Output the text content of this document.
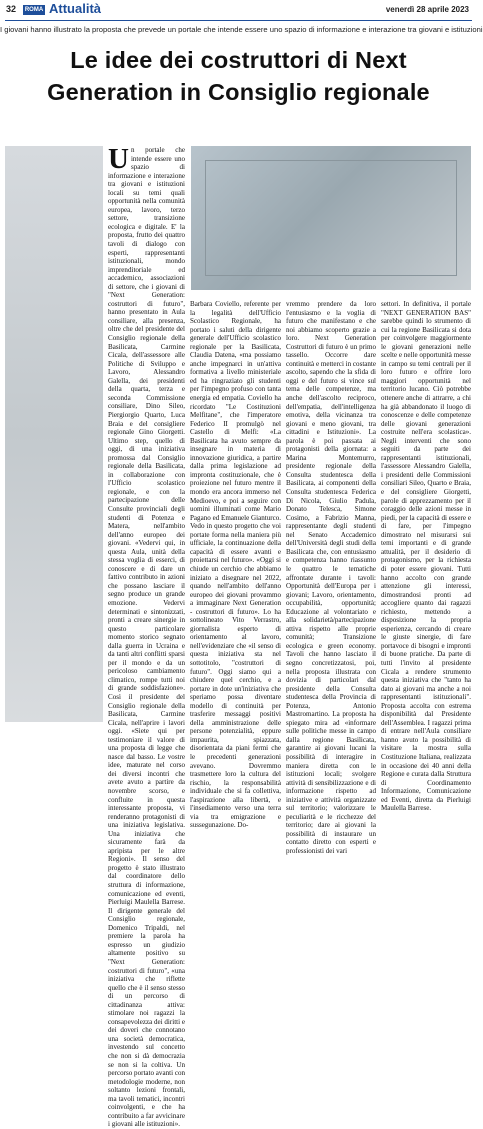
32	ROMA Attualità	venerdì 28 aprile 2023
I giovani hanno illustrato la proposta che prevede un portale che intende essere uno spazio di informazione e interazione tra giovani e istituzioni
Le idee dei costruttori di Next
Generation in Consiglio regionale
U n portale che intende essere uno spazio di informazione e interazione tra giovani e istituzioni locali su temi quali opportunità nella comunità europea, lavoro, terzo settore, transizione ecologica e digitale. E' la proposta, frutto dei quattro tavoli di dialogo con esperti, rappresentanti istituzionali, mondo imprenditoriale ed accademico, associazioni di settore, che i giovani di "Next Generation: costruttori di futuro", hanno presentato in Aula consiliare, alla presenza, oltre che del presidente del Consiglio regionale della Basilicata, Carmine Cicala, dell'assessore alle Politiche di Sviluppo e Lavoro, Alessandro Galella, dei presidenti della quarta, terza e seconda Commissione consiliare, Dino Sileo, Piergiorgio Quarto, Luca Braia e del consigliere regionale Gino Giorgetti. Ultimo step, quello di oggi, di una iniziativa promossa dal Consiglio regionale della Basilicata, in collaborazione con l'Ufficio scolastico regionale, e con la partecipazione delle Consulte provinciali degli studenti di Potenza e Matera, nell'ambito dell'anno europeo dei giovani. «Vedervi qui, in questa Aula, unità della stessa voglia di esserci, di conoscere e di dare un fattivo contributo in azioni che possano lasciare il segno produce un grande emozione. Vedervi determinati e sintonizzati, pronti a creare sinergie in questo particolare momento storico segnato dalla guerra in Ucraina e da tanti altri conflitti sparsi per il mondo e da un pericoloso cambiamento climatico, rompe tutti noi di grande soddisfazione». Così il presidente del Consiglio regionale della Basilicata, Carmine Cicala, nell'aprire i lavori oggi. «Siete qui per testimoniare il valore di una proposta di legge che nasce dal basso. Le vostre idee, maturate nel corso dei diversi incontri che avete avuto a partire da novembre scorso, e confluite in questa interessante proposta, vi renderanno protagonisti di una iniziativa legislativa. Una iniziativa che sicuramente farà da apripista per le altre Regioni». Il senso del progetto è stato illustrato dal coordinatore dello struttura di informazione, comunicazione ed eventi, Pierluigi Maulella Barrese. Il dirigente generale del Consiglio regionale, Domenico Tripaldi, nel premiere la parola ha espresso un giudizio altamente positivo su "Next Generation: costruttori di futuro", «una iniziativa che riflette quello che è il senso stesso di un percorso di cittadinanza attiva: stimolare noi ragazzi la consapevolezza dei diritti e dei doveri che connotano una società democratica, investendo sul concetto che non si dà democrazia se non si la coltiva. Un percorso portato avanti con metodologie moderne, non soltanto lezioni frontali, ma tavoli tematici, incontri coinvolgenti, e che ha contribuito a far avvicinare i giovani alle istituzioni».

Barbara Coviello, referente per la legalità dell'Ufficio Scolastico Regionale, ha portato i saluti della dirigente generale dell'Ufficio scolastico regionale per la Basilicata, Claudia Datena, «ma possiamo anche impegnarci in un'attiva formativa a livello ministeriale ed ha ringraziato gli studenti per l'impegno profuso con tanta energia ed empatia. Coviello ha ricordato "Le Costituzioni Melfitane", che l'imperatore Federico II promulgò nel Castello di Melfi: «La Basilicata ha avuto sempre da insegnare in materia di innovazione giuridica, a partire dalla prima legislazione ad impronta costituzionale, che è proiezione nel futuro mentre il mondo era ancora immerso nel Medioevo, e poi a seguire con uomini illuminati come Mario Pagano ed Emanuele Gianturco. Vedo in questo progetto che voi portate forma nella maniera più ufficiale, la continuazione della capacità di essere avanti e proiettarsi nel futuro». «Oggi si chiude un cerchio che abbiamo iniziato a disegnare nel 2022, quando nell'ambito dell'anno europeo dei giovani provammo a immaginare Next Generation - costruttori di futuro». Lo ha sottolineato Vito Verrastro, giornalista esperto di orientamento al lavoro, nell'evidenziare che «il senso di questa iniziativa sta nel sottotitolo, "costruttori di futuro". Oggi siamo qui a chiudere quel cerchio, e a portare in dote un'iniziativa che speriamo possa diventare modello di continuità per trasferire messaggi positivi della amministrazione delle persone potenzialità, eppure impaurita, spiazzata, disorientata da piani fermi che le precedenti generazioni avevano. Dovremmo trasmettere loro la cultura del rischio, la responsabilità individuale che si fa collettiva, l'aspirazione alla libertà, e l'insediamento verso una terra via tra emigrazione e sussegunazione. Do-

vremmo prendere da loro l'entusiasmo e la voglia di futuro che manifestano e che noi abbiamo scoperto grazie a loro. Next Generation Costruttori di futuro è un primo tassello. Occorre dare continuità e metterci in costante ascolto, sapendo che la sfida di oggi e del futuro si vince sul tema delle competenze, ma anche dell'ascolto reciproco, dell'empatia, dell'intelligenza emotiva, della vicinanza tra giovani e meno giovani, tra cittadini e Istituzioni». La parola è poi passata ai protagonisti della giornata: a Marina Montemurro, presidente regionale della Consulta studentesca della Basilicata, ai componenti della Consulta studentesca Federica Di Nicola, Giulio Padula, Donato Telesca, Simone Cosimo, a Fabrizio Manna, rappresentante degli studenti nel Senato Accademico dell'Università degli studi della Basilicata che, con entusiasmo e competenza hanno riassunto le quattro le tematiche affrontate durante i tavoli: Opportunità dell'Europa per i giovani; Lavoro, orientamento, occupabilità, opportunità; Educazione al volontariato e alla solidarietà/partecipazione attiva rispetto alle proprie comunità; Transizione ecologica e green economy. Tavoli che hanno lasciato il segno concretizzatosi, poi, nella proposta illustrata con dovizia di particolari dal presidente della Consulta studentesca della Provincia di Potenza, Antonio Mastromartino. La proposta ha spiegato mira ad «informare sulle politiche messe in campo dalla regione Basilicata, garantire ai giovani lucani la possibilità di interagire in maniera diretta con le istituzioni locali; svolgere attività di sensibilizzazione e di informazione rispetto ad iniziative e attività organizzate sul territorio; valorizzare le peculiarità e le ricchezze del territorio; dare ai giovani la possibilità di instaurare un contatto diretto con esperti e professionisti dei vari

settori. In definitiva, il portale "NEXT GENERATION BAS" sarebbe quindi lo strumento di cui la regione Basilicata si dota per coinvolgere maggiormente le giovani generazioni nelle scelte e nelle opportunità messe in campo su temi centrali per il loro futuro e offrire loro maggiori opportunità nel territorio lucano. Ciò potrebbe ottenere anche di attrarre, a chi ha già abbandonato il luogo di conoscenze e delle competenze delle giovani generazioni costruite nell'era scolastica». Negli interventi che sono seguiti da parte dei rappresentanti istituzionali, l'assessore Alessandro Galella, i presidenti delle Commissioni consiliari Sileo, Quarto e Braia, e del consigliere Giorgetti, parole di apprezzamento per il coraggio delle azioni messe in piedi, per la capacità di essere e di fare, per l'impegno dimostrato nel misurarsi sui temi importanti e di grande attualità, per il desiderio di protagonismo, per la richiesta di poter essere giovani. Tutti hanno accolto con grande attenzione gli interessi, dimostrandosi pronti ad accogliere quanto dai ragazzi richiesto, mettendo a disposizione la propria esperienza, cercando di creare le giuste sinergie, di fare portavoce di bisogni e impronti di buone pratiche. Da parte di tutti l'invito al presidente Cicala a rendere strumento questa iniziativa che "tanto ha dato ai giovani ma anche a noi rappresentanti istituzionali". Proposta accolta con estrema disponibilità dal Presidente dell'Assemblea. I ragazzi prima di entrare nell'Aula consiliare hanno avuto la possibilità di visitare la mostra sulla Costituzione Italiana, realizzata in occasione dei 40 anni della Regione e curata dalla Struttura di Coordinamento Informazione, Comunicazione ed Eventi, diretta da Pierluigi Maulella Barrese.
